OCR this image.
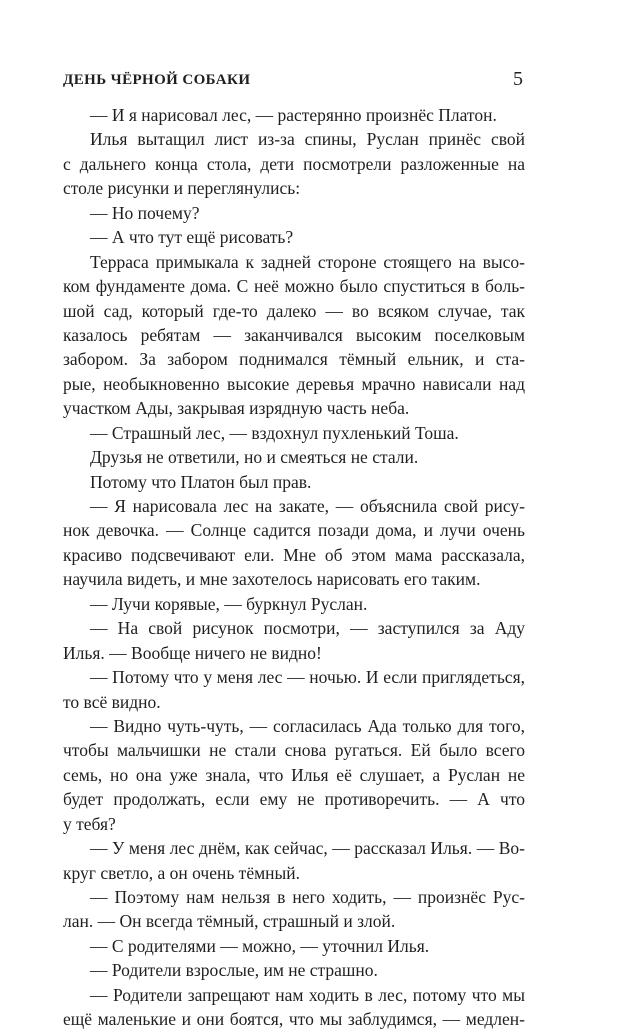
ДЕНЬ ЧЁРНОЙ СОБАКИ	5
— И я нарисовал лес, — растерянно произнёс Платон.
Илья вытащил лист из-за спины, Руслан принёс свой
с дальнего конца стола, дети посмотрели разложенные на
столе рисунки и переглянулись:
— Но почему?
— А что тут ещё рисовать?
Терраса примыкала к задней стороне стоящего на высо-
ком фундаменте дома. С неё можно было спуститься в боль-
шой сад, который где-то далеко — во всяком случае, так
казалось ребятам — заканчивался высоким поселковым
забором. За забором поднимался тёмный ельник, и ста-
рые, необыкновенно высокие деревья мрачно нависали над
участком Ады, закрывая изрядную часть неба.
— Страшный лес, — вздохнул пухленький Тоша.
Друзья не ответили, но и смеяться не стали.
Потому что Платон был прав.
— Я нарисовала лес на закате, — объяснила свой рису-
нок девочка. — Солнце садится позади дома, и лучи очень
красиво подсвечивают ели. Мне об этом мама рассказала,
научила видеть, и мне захотелось нарисовать его таким.
— Лучи корявые, — буркнул Руслан.
— На свой рисунок посмотри, — заступился за Аду
Илья. — Вообще ничего не видно!
— Потому что у меня лес — ночью. И если приглядеться,
то всё видно.
— Видно чуть-чуть, — согласилась Ада только для того,
чтобы мальчишки не стали снова ругаться. Ей было всего
семь, но она уже знала, что Илья её слушает, а Руслан не
будет продолжать, если ему не противоречить. — А что
у тебя?
— У меня лес днём, как сейчас, — рассказал Илья. — Во-
круг светло, а он очень тёмный.
— Поэтому нам нельзя в него ходить, — произнёс Рус-
лан. — Он всегда тёмный, страшный и злой.
— С родителями — можно, — уточнил Илья.
— Родители взрослые, им не страшно.
— Родители запрещают нам ходить в лес, потому что мы
ещё маленькие и они боятся, что мы заблудимся, — медлен-
